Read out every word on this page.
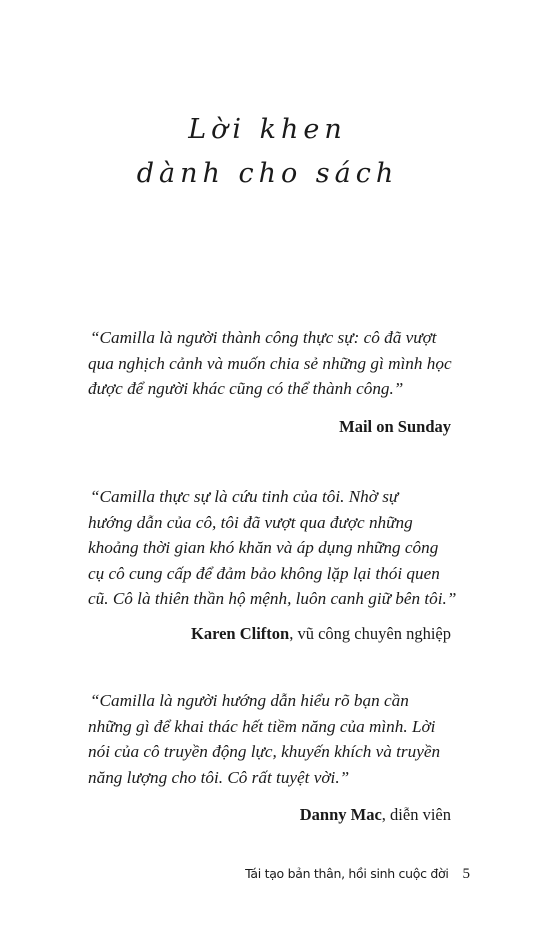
Lời khen
dành cho sách

“Camilla là người thành công thực sự: cô đã vượt
qua nghịch cảnh và muốn chia sẻ những gì mình học
được để người khác cũng có thể thành công.”

Mail on Sunday

“Camilla thực sự là cứu tinh của tôi. Nhờ sự
hướng dẫn của cô, tôi đã vượt qua được những
khoảng thời gian khó khăn và áp dụng những công
cụ cô cung cấp để đảm bảo không lặp lại thói quen
cũ. Cô là thiên thần hộ mệnh, luôn canh giữ bên tôi.”

Karen Clifton, vũ công chuyên nghiệp

“Camilla là người hướng dẫn hiểu rõ bạn cần
những gì để khai thác hết tiềm năng của mình. Lời
nói của cô truyền động lực, khuyến khích và truyền
năng lượng cho tôi. Cô rất tuyệt vời.”

Danny Mac, diễn viên
Tái tạo bản thân, hồi sinh cuộc đời 5
